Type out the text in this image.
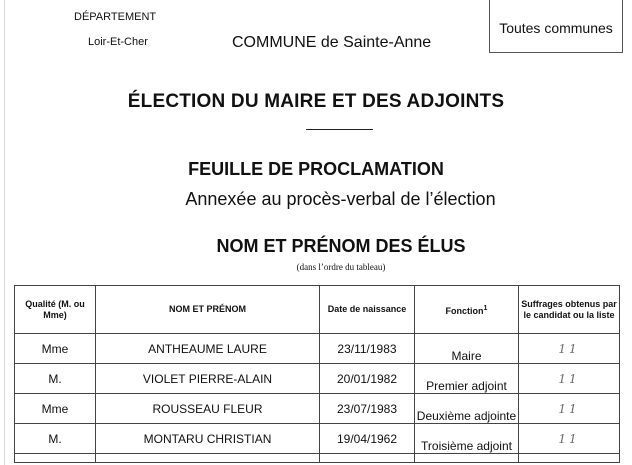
DÉPARTEMENT
Loir-Et-Cher	COMMUNE de Sainte-Anne
Toutes communes
ÉLECTION DU MAIRE ET DES ADJOINTS
FEUILLE DE PROCLAMATION
Annexée au procès-verbal de l’élection
NOM ET PRÉNOM DES ÉLUS
(dans l’ordre du tableau)
Qualité (M. ou Mme)	NOM ET PRÉNOM	Date de naissance	Fonction$^1$	Suffrages obtenus par le candidat ou la liste
Mme	ANTHEAUME LAURE	23/11/1983	Maire	11
M.	VIOLET PIERRE-ALAIN	20/01/1982	Premier adjoint	11
Mme	ROUSSEAU FLEUR	23/07/1983	Deuxième adjointe	11
M.	MONTARU CHRISTIAN	19/04/1962	Troisième adjoint	11
